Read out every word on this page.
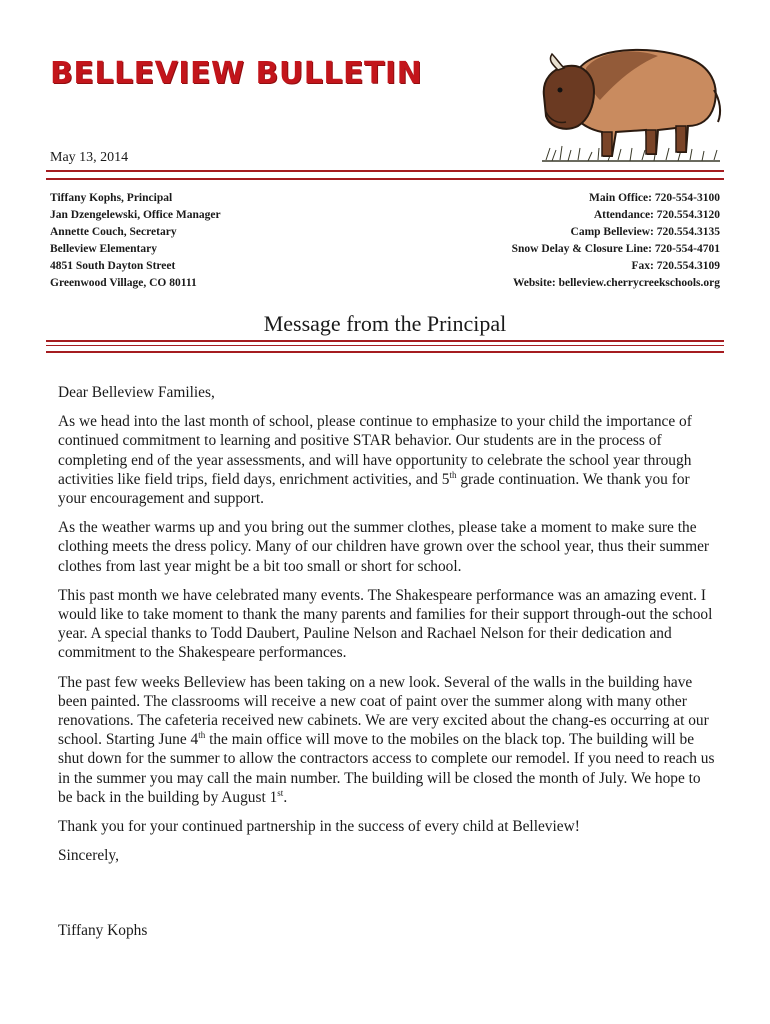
BELLEVIEW BULLETIN
May 13, 2014
Tiffany Kophs, Principal
Jan Dzengelewski, Office Manager
Annette Couch, Secretary
Belleview Elementary
4851 South Dayton Street
Greenwood Village, CO 80111
Main Office: 720-554-3100
Attendance: 720.554.3120
Camp Belleview: 720.554.3135
Snow Delay & Closure Line: 720-554-4701
Fax: 720.554.3109
Website: belleview.cherrycreekschools.org
Message from the Principal

Dear Belleview Families,

As we head into the last month of school, please continue to emphasize to your child the importance of continued commitment to learning and positive STAR behavior. Our students are in the process of completing end of the year assessments, and will have opportunity to celebrate the school year through activities like field trips, field days, enrichment activities, and 5th grade continuation. We thank you for your encouragement and support.

As the weather warms up and you bring out the summer clothes, please take a moment to make sure the clothing meets the dress policy. Many of our children have grown over the school year, thus their summer clothes from last year might be a bit too small or short for school.

This past month we have celebrated many events. The Shakespeare performance was an amazing event. I would like to take moment to thank the many parents and families for their support through-out the school year. A special thanks to Todd Daubert, Pauline Nelson and Rachael Nelson for their dedication and commitment to the Shakespeare performances.

The past few weeks Belleview has been taking on a new look. Several of the walls in the building have been painted. The classrooms will receive a new coat of paint over the summer along with many other renovations. The cafeteria received new cabinets. We are very excited about the chang-es occurring at our school. Starting June 4th the main office will move to the mobiles on the black top. The building will be shut down for the summer to allow the contractors access to complete our remodel. If you need to reach us in the summer you may call the main number. The building will be closed the month of July. We hope to be back in the building by August 1st.

Thank you for your continued partnership in the success of every child at Belleview!

Sincerely,

Tiffany Kophs
